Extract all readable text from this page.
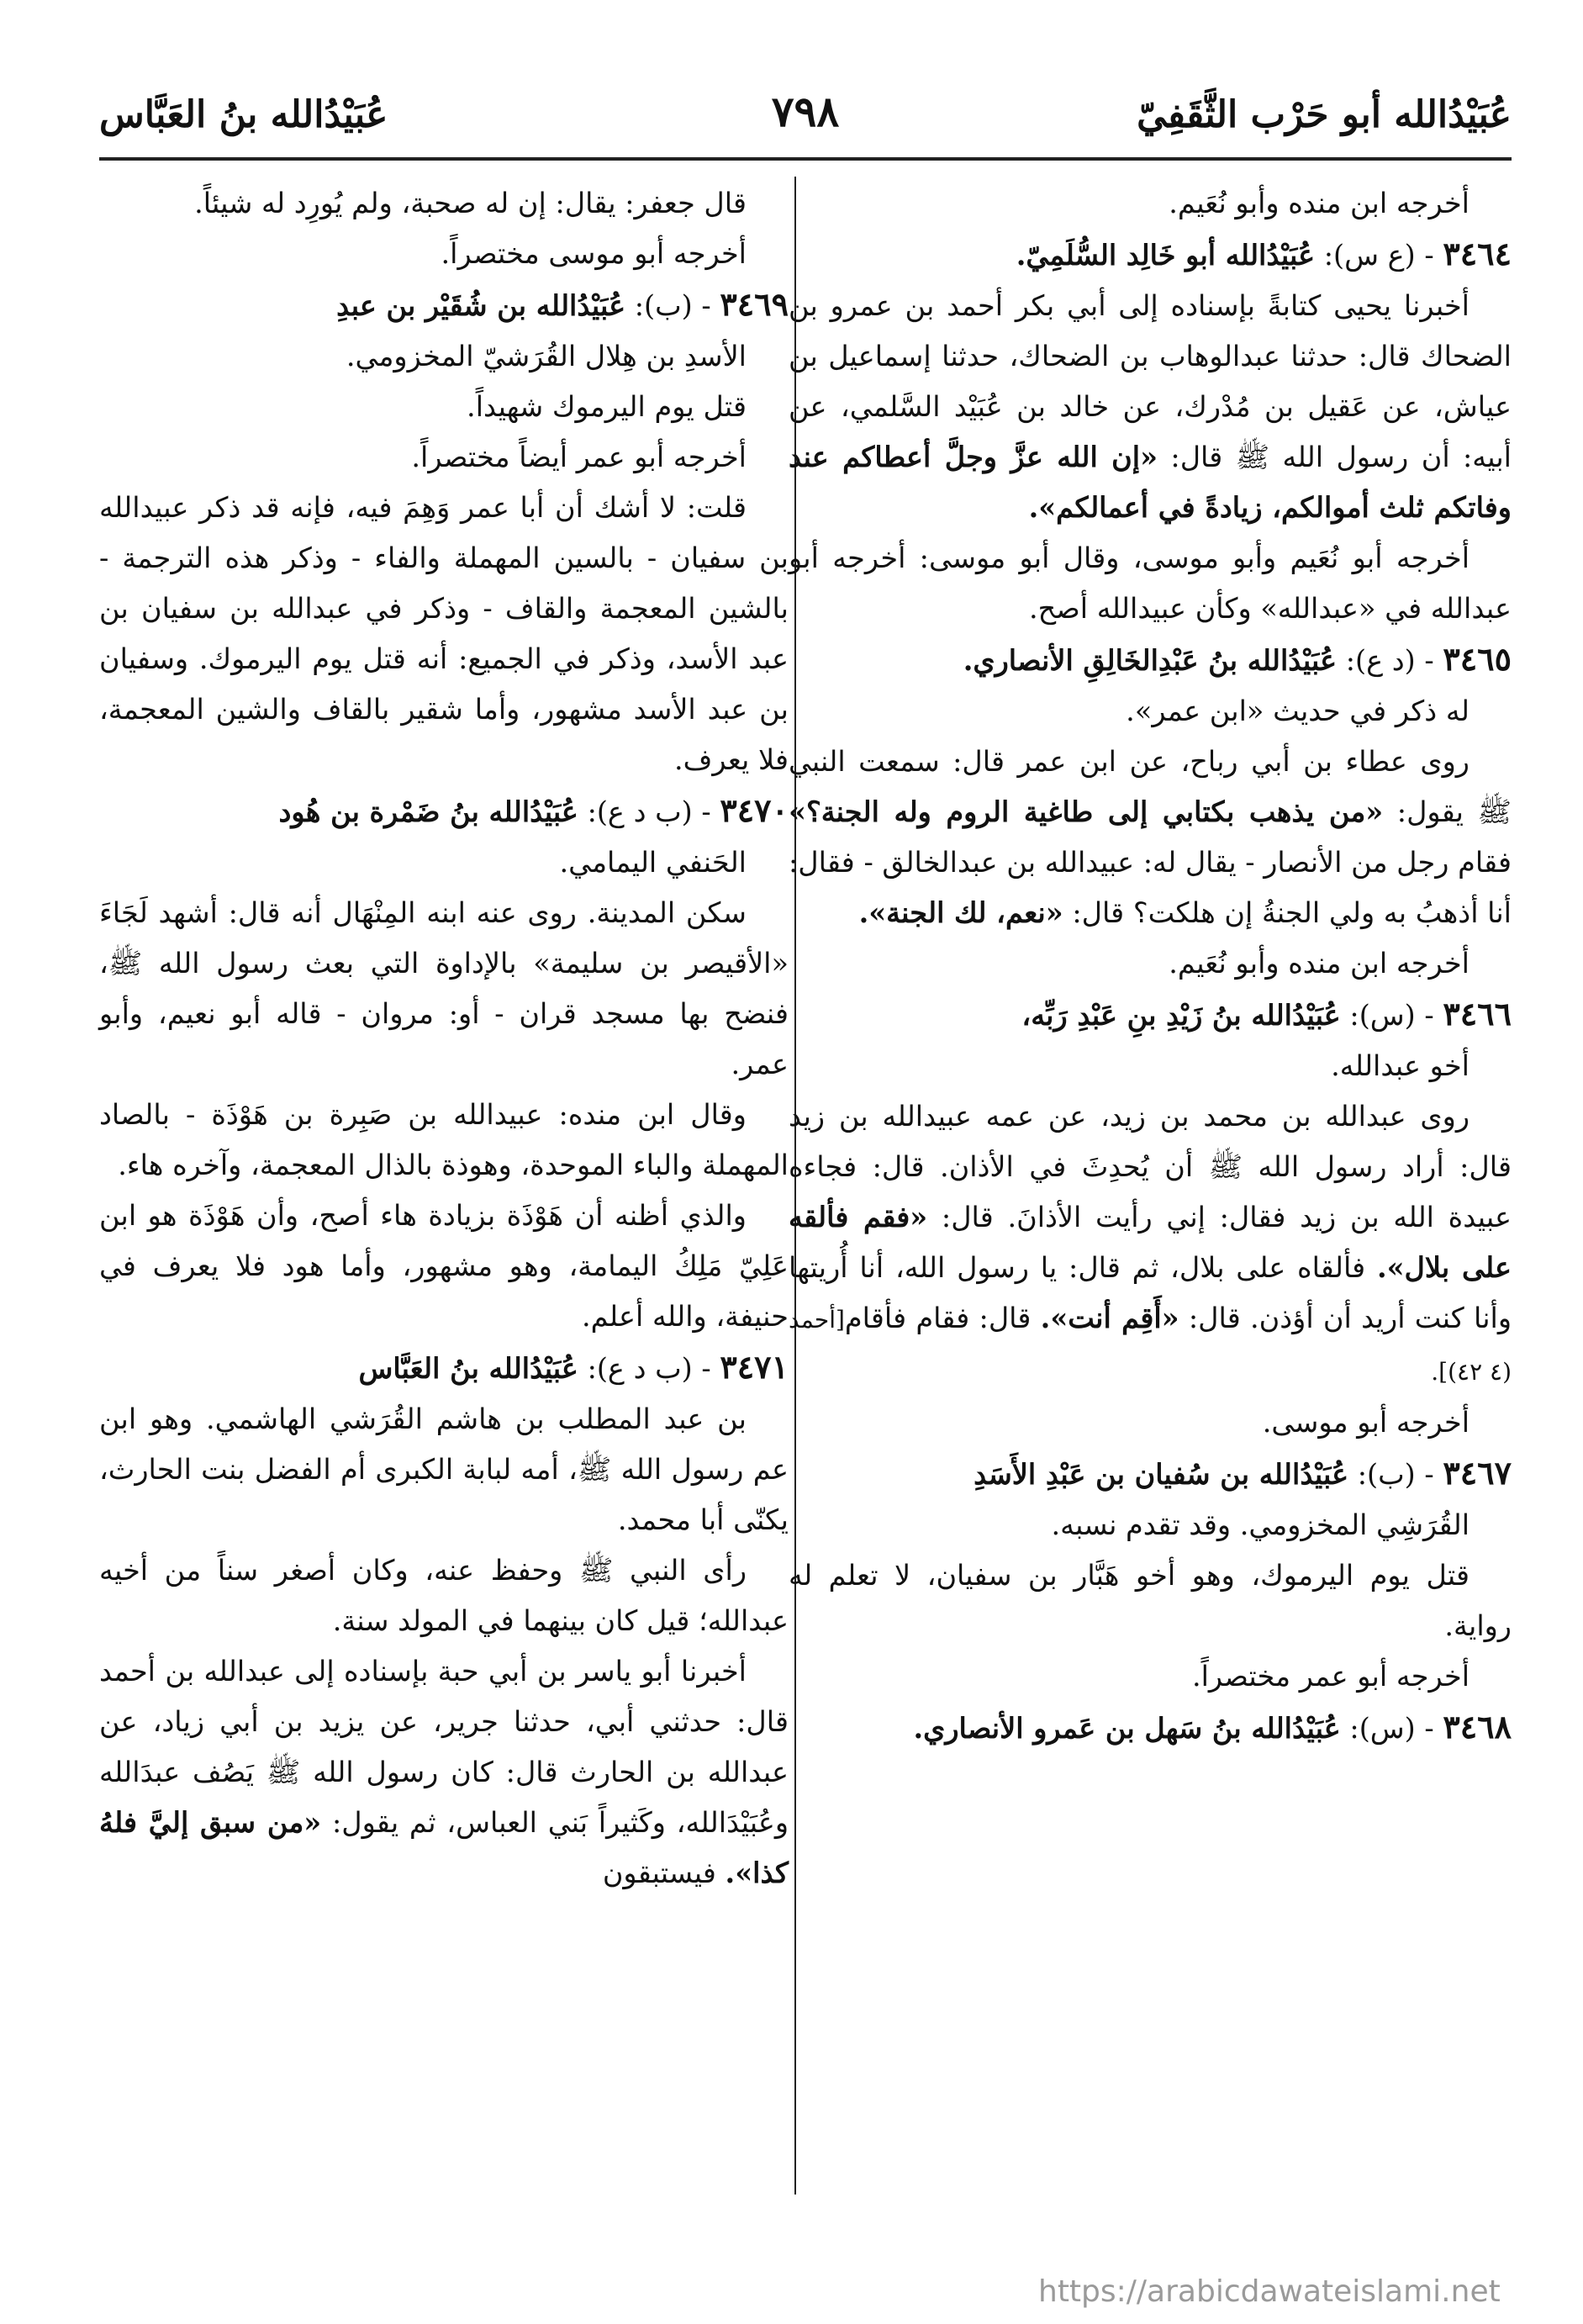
عُبَيْدُالله أبو حَرْب الثَّقَفِيّ
٧٩٨
عُبَيْدُالله بنُ العَبَّاس

أخرجه ابن منده وأبو نُعَيم.

٣٤٦٤ - (ع س): عُبَيْدُالله أبو خَالِد السُّلَمِيّ.

أخبرنا يحيى كتابةً بإسناده إلى أبي بكر أحمد بن عمرو بن الضحاك قال: حدثنا عبدالوهاب بن الضحاك، حدثنا إسماعيل بن عياش، عن عَقيل بن مُدْرك، عن خالد بن عُبَيْد السَّلمي، عن أبيه: أن رسول الله ﷺ قال: «إن الله عزَّ وجلَّ أعطاكم عند وفاتكم ثلث أموالكم، زيادةً في أعمالكم».

أخرجه أبو نُعَيم وأبو موسى، وقال أبو موسى: أخرجه أبو عبدالله في «عبدالله» وكأن عبيدالله أصح.

٣٤٦٥ - (د ع): عُبَيْدُالله بنُ عَبْدِالخَالِقِ الأنصاري.

له ذكر في حديث «ابن عمر».

روى عطاء بن أبي رباح، عن ابن عمر قال: سمعت النبي ﷺ يقول: «من يذهب بكتابي إلى طاغية الروم وله الجنة؟» فقام رجل من الأنصار - يقال له: عبيدالله بن عبدالخالق - فقال: أنا أذهبُ به ولي الجنةُ إن هلكت؟ قال: «نعم، لك الجنة».

أخرجه ابن منده وأبو نُعَيم.

٣٤٦٦ - (س): عُبَيْدُالله بنُ زَيْدِ بنِ عَبْدِ رَبِّه،

أخو عبدالله.

روى عبدالله بن محمد بن زيد، عن عمه عبيدالله بن زيد قال: أراد رسول الله ﷺ أن يُحدِثَ في الأذان. قال: فجاءه عبيدة الله بن زيد فقال: إني رأيت الأذانَ. قال: «فقم فألقه على بلال». فألقاه على بلال، ثم قال: يا رسول الله، أنا أُريتها وأنا كنت أريد أن أؤذن. قال: «أَقِم أنت». قال: فقام فأقام[أحمد (٤ ٤٢)].

أخرجه أبو موسى.

٣٤٦٧ - (ب): عُبَيْدُالله بن سُفيان بن عَبْدِ الأَسَدِ

القُرَشِي المخزومي. وقد تقدم نسبه.

قتل يوم اليرموك، وهو أخو هَبَّار بن سفيان، لا تعلم له رواية.

أخرجه أبو عمر مختصراً.

٣٤٦٨ - (س): عُبَيْدُالله بنُ سَهل بن عَمرو الأنصاري.

قال جعفر: يقال: إن له صحبة، ولم يُورِد له شيئاً.

أخرجه أبو موسى مختصراً.

٣٤٦٩ - (ب): عُبَيْدُالله بن شُقَيْر بن عبدِ

الأسدِ بن هِلال القُرَشيّ المخزومي.

قتل يوم اليرموك شهيداً.

أخرجه أبو عمر أيضاً مختصراً.

قلت: لا أشك أن أبا عمر وَهِمَ فيه، فإنه قد ذكر عبيدالله بن سفيان - بالسين المهملة والفاء - وذكر هذه الترجمة - بالشين المعجمة والقاف - وذكر في عبدالله بن سفيان بن عبد الأسد، وذكر في الجميع: أنه قتل يوم اليرموك. وسفيان بن عبد الأسد مشهور، وأما شقير بالقاف والشين المعجمة، فلا يعرف.

٣٤٧٠ - (ب د ع): عُبَيْدُالله بنُ ضَمْرة بن هُود

الحَنفي اليمامي.

سكن المدينة. روى عنه ابنه المِنْهَال أنه قال: أشهد لَجَاءَ «الأقيصر بن سليمة» بالإداوة التي بعث رسول الله ﷺ، فنضح بها مسجد قران - أو: مروان - قاله أبو نعيم، وأبو عمر.

وقال ابن منده: عبيدالله بن صَبِرة بن هَوْذَة - بالصاد المهملة والباء الموحدة، وهوذة بالذال المعجمة، وآخره هاء.

والذي أظنه أن هَوْذَة بزيادة هاء أصح، وأن هَوْذَة هو ابن عَلِيّ مَلِكُ اليمامة، وهو مشهور، وأما هود فلا يعرف في حنيفة، والله أعلم.

٣٤٧١ - (ب د ع): عُبَيْدُالله بنُ العَبَّاس

بن عبد المطلب بن هاشم القُرَشي الهاشمي. وهو ابن عم رسول الله ﷺ، أمه لبابة الكبرى أم الفضل بنت الحارث، يكنّى أبا محمد.

رأى النبي ﷺ وحفظ عنه، وكان أصغر سناً من أخيه عبدالله؛ قيل كان بينهما في المولد سنة.

أخبرنا أبو ياسر بن أبي حبة بإسناده إلى عبدالله بن أحمد قال: حدثني أبي، حدثنا جرير، عن يزيد بن أبي زياد، عن عبدالله بن الحارث قال: كان رسول الله ﷺ يَصُف عبدَالله وعُبَيْدَالله، وكَثيراً بَني العباس، ثم يقول: «من سبق إليَّ فلهُ كذا». فيستبقون

https://arabicdawateislami.net
